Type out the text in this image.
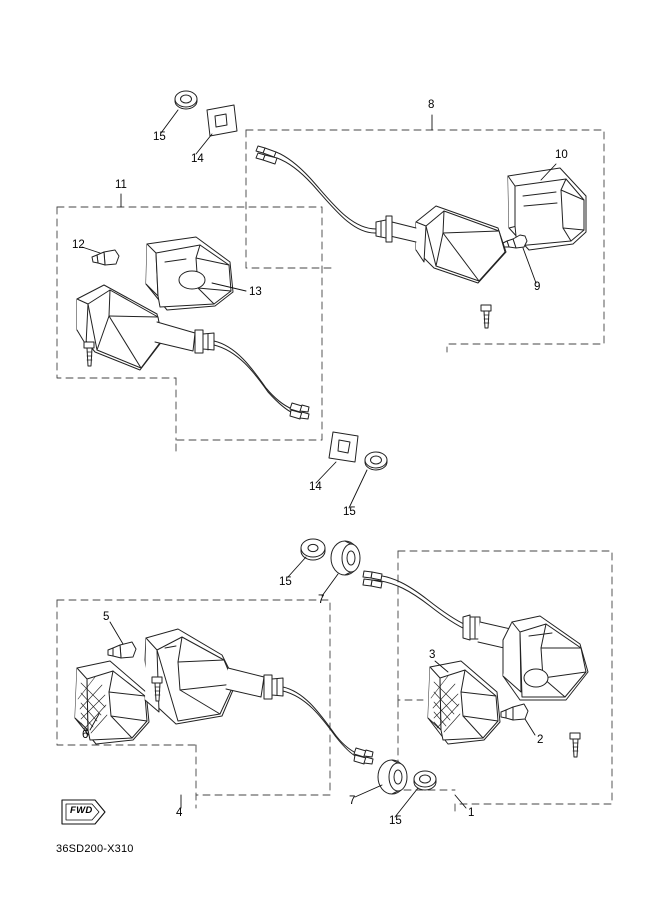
15
14
8
10
9
11
12
13
14
15
15
7
5
3
6	2
4
7
1
15
FWD
36SD200-X310
